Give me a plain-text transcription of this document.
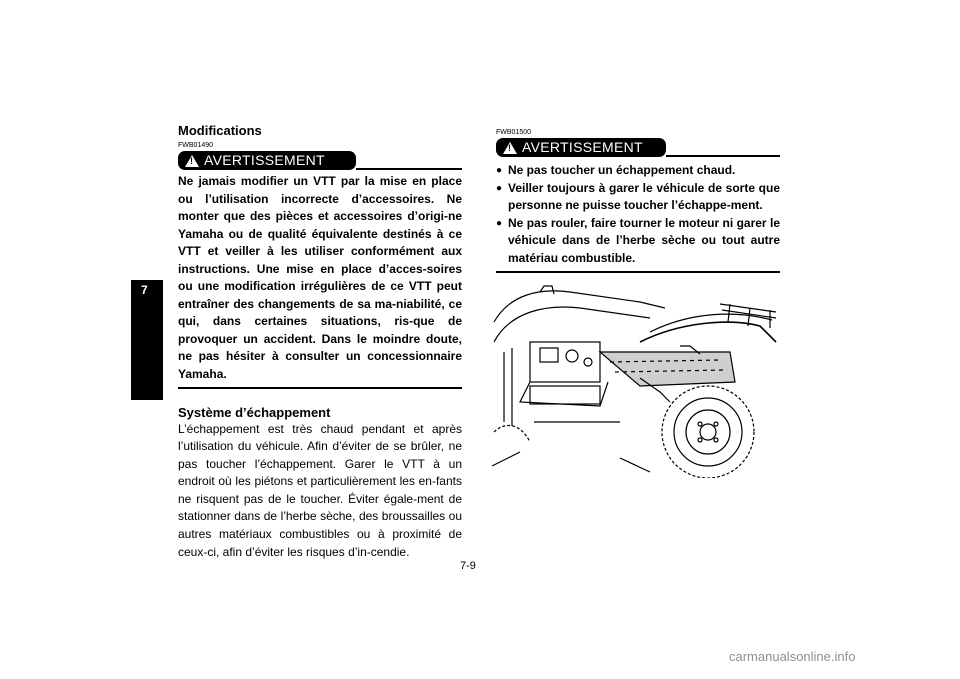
7
Modifications
FWB01490
! AVERTISSEMENT
Ne jamais modifier un VTT par la mise en place ou l’utilisation incorrecte d’accessoires. Ne monter que des pièces et accessoires d’origi-ne Yamaha ou de qualité équivalente destinés à ce VTT et veiller à les utiliser conformément aux instructions. Une mise en place d’acces-soires ou une modification irrégulières de ce VTT peut entraîner des changements de sa ma-niabilité, ce qui, dans certaines situations, ris-que de provoquer un accident. Dans le moindre doute, ne pas hésiter à consulter un concessionnaire Yamaha.
Système d’échappement
L’échappement est très chaud pendant et après l’utilisation du véhicule. Afin d’éviter de se brûler, ne pas toucher l’échappement. Garer le VTT à un endroit où les piétons et particulièrement les en-fants ne risquent pas de le toucher. Éviter égale-ment de stationner dans de l’herbe sèche, des broussailles ou autres matériaux combustibles ou à proximité de ceux-ci, afin d’éviter les risques d’in-cendie.
FWB01500
! AVERTISSEMENT
● Ne pas toucher un échappement chaud.
● Veiller toujours à garer le véhicule de sorte que personne ne puisse toucher l’échappe-ment.
● Ne pas rouler, faire tourner le moteur ni garer le véhicule dans de l’herbe sèche ou tout autre matériau combustible.
7-9
carmanualsonline.info
